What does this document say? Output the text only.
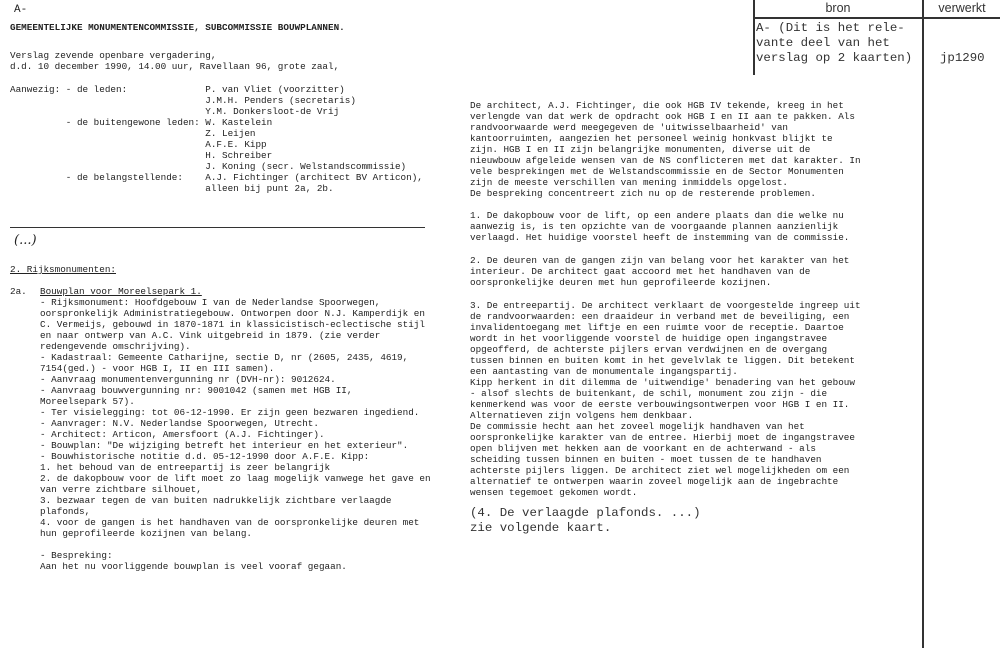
bron	verwerkt
A- (Dit is het rele-
vante deel van het
verslag op 2 kaarten) jp1290
A-
GEMEENTELIJKE MONUMENTENCOMMISSIE, SUBCOMMISSIE BOUWPLANNEN.
Verslag zevende openbare vergadering,
d.d. 10 december 1990, 14.00 uur, Ravellaan 96, grote zaal,
Aanwezig: - de leden:              P. van Vliet (voorzitter)
J.M.H. Penders (secretaris)
Y.M. Donkersloot-de Vrij
- de buitengewone leden: W. Kastelein
Z. Leijen
A.F.E. Kipp
H. Schreiber
J. Koning (secr. Welstandscommissie)
- de belangstellende:    A.J. Fichtinger (architect BV Articon),
alleen bij punt 2a, 2b.
(...)
2. Rijksmonumenten:
2a. Bouwplan voor Moreelsepark 1.
- Rijksmonument: Hoofdgebouw I van de Nederlandse Spoorwegen,
oorspronkelijk Administratiegebouw. Ontworpen door N.J. Kamperdijk en
C. Vermeijs, gebouwd in 1870-1871 in klassicistisch-eclectische stijl
en naar ontwerp van A.C. Vink uitgebreid in 1879. (zie verder
redengevende omschrijving).
- Kadastraal: Gemeente Catharijne, sectie D, nr (2605, 2435, 4619,
7154(ged.) - voor HGB I, II en III samen).
- Aanvraag monumentenvergunning nr (DVH-nr): 9012624.
- Aanvraag bouwvergunning nr: 9001042 (samen met HGB II,
Moreelsepark 57).
- Ter visielegging: tot 06-12-1990. Er zijn geen bezwaren ingediend.
- Aanvrager: N.V. Nederlandse Spoorwegen, Utrecht.
- Architect: Articon, Amersfoort (A.J. Fichtinger).
- Bouwplan: "De wijziging betreft het interieur en het exterieur".
- Bouwhistorische notitie d.d. 05-12-1990 door A.F.E. Kipp:
1. het behoud van de entreepartij is zeer belangrijk
2. de dakopbouw voor de lift moet zo laag mogelijk vanwege het gave en
van verre zichtbare silhouet,
3. bezwaar tegen de van buiten nadrukkelijk zichtbare verlaagde
plafonds,
4. voor de gangen is het handhaven van de oorspronkelijke deuren met
hun geprofileerde kozijnen van belang.

- Bespreking:
Aan het nu voorliggende bouwplan is veel vooraf gegaan.
De architect, A.J. Fichtinger, die ook HGB IV tekende, kreeg in het
verlengde van dat werk de opdracht ook HGB I en II aan te pakken. Als
randvoorwaarde werd meegegeven de 'uitwisselbaarheid' van
kantoorruimten, aangezien het personeel weinig honkvast blijkt te
zijn. HGB I en II zijn belangrijke monumenten, diverse uit de
nieuwbouw afgeleide wensen van de NS conflicteren met dat karakter. In
vele besprekingen met de Welstandscommissie en de Sector Monumenten
zijn de meeste verschillen van mening inmiddels opgelost.
De bespreking concentreert zich nu op de resterende problemen.
1. De dakopbouw voor de lift, op een andere plaats dan die welke nu
aanwezig is, is ten opzichte van de voorgaande plannen aanzienlijk
verlaagd. Het huidige voorstel heeft de instemming van de commissie.
2. De deuren van de gangen zijn van belang voor het karakter van het
interieur. De architect gaat accoord met het handhaven van de
oorspronkelijke deuren met hun geprofileerde kozijnen.
3. De entreepartij. De architect verklaart de voorgestelde ingreep uit
de randvoorwaarden: een draaideur in verband met de beveiliging, een
invalidentoegang met liftje en een ruimte voor de receptie. Daartoe
wordt in het voorliggende voorstel de huidige open ingangstravee
opgeofferd, de achterste pijlers ervan verdwijnen en de overgang
tussen binnen en buiten komt in het gevelvlak te liggen. Dit betekent
een aantasting van de monumentale ingangspartij.
Kipp herkent in dit dilemma de 'uitwendige' benadering van het gebouw
- alsof slechts de buitenkant, de schil, monument zou zijn - die
kenmerkend was voor de eerste verbouwingsontwerpen voor HGB I en II.
Alternatieven zijn volgens hem denkbaar.
De commissie hecht aan het zoveel mogelijk handhaven van het
oorspronkelijke karakter van de entree. Hierbij moet de ingangstravee
open blijven met hekken aan de voorkant en de achterwand - als
scheiding tussen binnen en buiten - moet tussen de te handhaven
achterste pijlers liggen. De architect ziet wel mogelijkheden om een
alternatief te ontwerpen waarin zoveel mogelijk aan de ingebrachte
wensen tegemoet gekomen wordt.
(4. De verlaagde plafonds. ...)
zie volgende kaart.
